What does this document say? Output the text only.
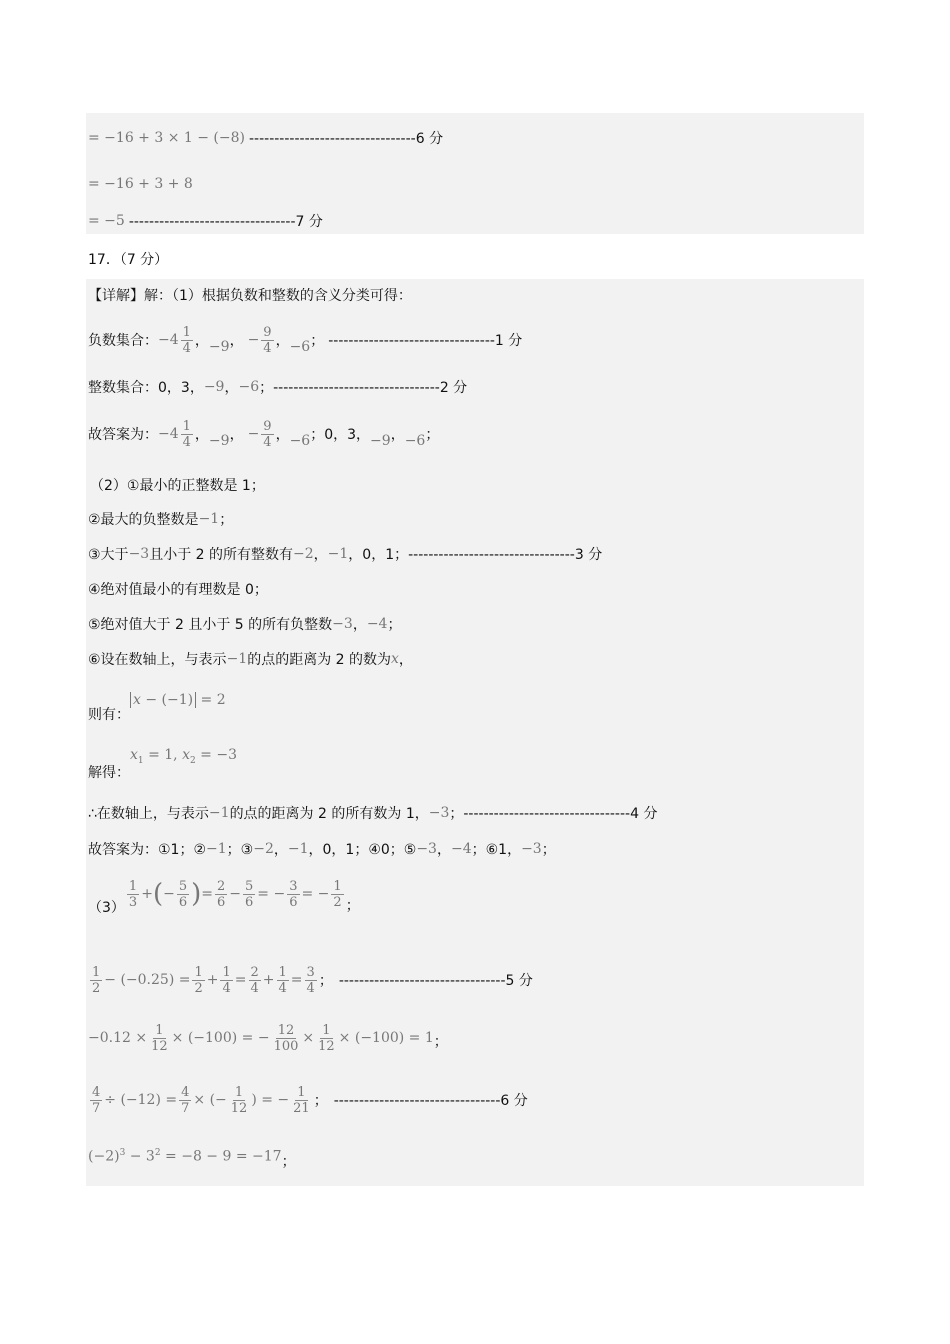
= −16 + 3 × 1 − (−8) ---------------------------------6 分
= −16 + 3 + 8
= −5 ---------------------------------7 分
17．（7 分）
【详解】解：（1）根据负数和整数的含义分类可得：
负数集合： $-4 \frac{1}{4}$ ， −9 ， − $\frac{9}{4}$ ， −6 ； ---------------------------------1 分
整数集合： 0，3， −9 ， −6 ； ---------------------------------2 分
故答案为： $-4 \frac{1}{4}$ ， −9 ， − $\frac{9}{4}$ ， −6 ；0，3， −9 ， −6 ；
（2）①最小的正整数是 1；
②最大的负整数是 −1 ；
③大于 −3 且小于 2 的所有整数有 −2 ， −1 ，0，1； ---------------------------------3 分
④绝对值最小的有理数是 0；
⑤绝对值大于 2 且小于 5 的所有负整数 −3 ， −4 ；
⑥设在数轴上，与表示 −1 的点的距离为 2 的数为 x ，
则有：
x − (−1) = 2
解得：
$x_1 = 1$, $x_2 = -3$
∴在数轴上，与表示 −1 的点的距离为 2 的所有数为 1， −3 ； ---------------------------------4 分
故答案为：①1；② −1 ；③ −2 ， −1 ，0，1；④0；⑤ −3 ， −4 ；⑥1， −3 ；
$(3) \frac{1}{3}$ + ( − $\frac{5}{6}$ ) = $\frac{2}{6} - \frac{5}{6}$ = − $\frac{3}{6}$ = − $\frac{1}{2}$ ；
$\frac{1}{2} - (-0.25) = \frac{1}{2} + \frac{1}{4} = \frac{2}{4} + \frac{1}{4} = \frac{3}{4}$ ； ---------------------------------5 分
$-0.12 \times \frac{1}{12} \times (-100)$ = − $\frac{12}{100} \times \frac{1}{12} \times (-100) = 1$ ；
$\frac{4}{7} \div (-12) = \frac{4}{7}$ × (− $\frac{1}{12}$ ) = − $\frac{1}{21}$ ； ---------------------------------6 分
$(-2)^3 - 3^2 = -8 - 9 = -17$ ；
